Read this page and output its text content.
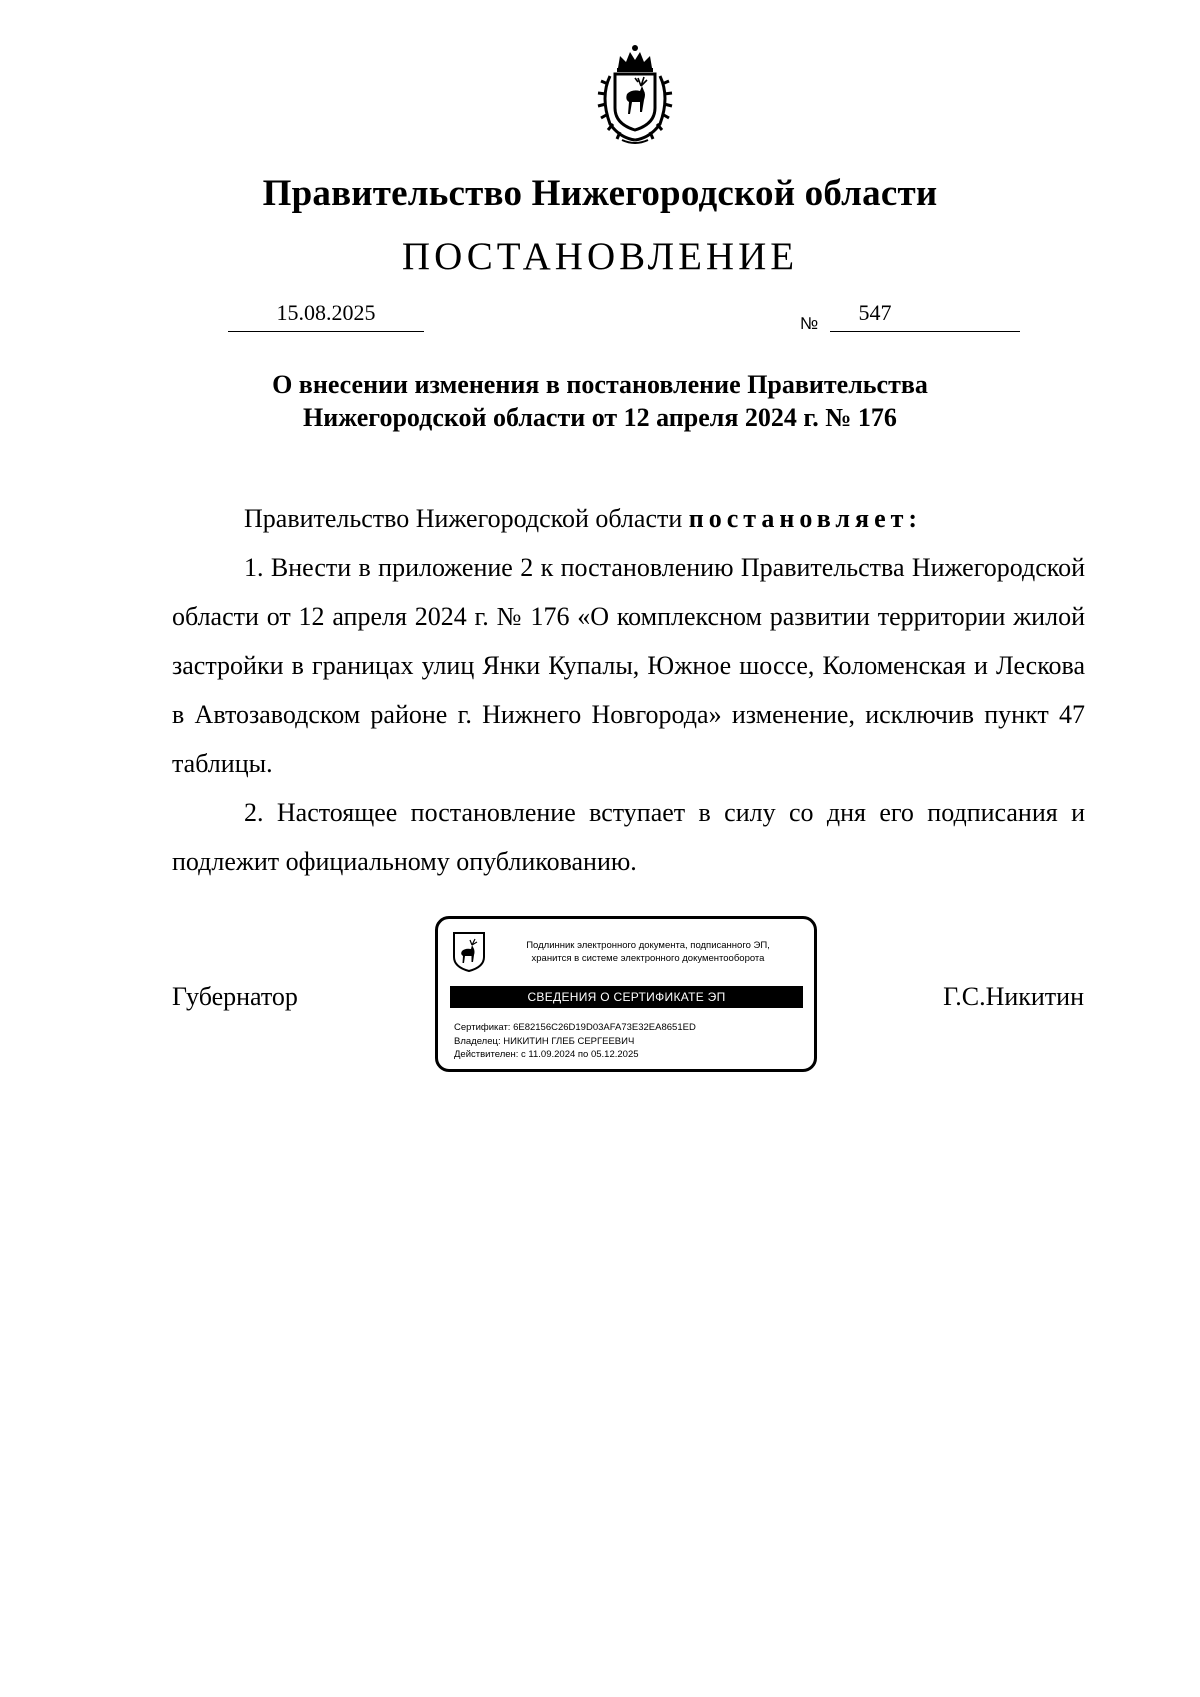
Правительство Нижегородской области
ПОСТАНОВЛЕНИЕ
15.08.2025	№	547
О внесении изменения в постановление Правительства
Нижегородской области от 12 апреля 2024 г. № 176

Правительство Нижегородской области постановляет:

1. Внести в приложение 2 к постановлению Правительства Нижегородской области от 12 апреля 2024 г. № 176 «О комплексном развитии территории жилой застройки в границах улиц Янки Купалы, Южное шоссе, Коломенская и Лескова в Автозаводском районе г. Нижнего Новгорода» изменение, исключив пункт 47 таблицы.

2. Настоящее постановление вступает в силу со дня его подписания и подлежит официальному опубликованию.

Губернатор	Г.С.Никитин
Подлинник электронного документа, подписанного ЭП,
хранится в системе электронного документооборота
СВЕДЕНИЯ О СЕРТИФИКАТЕ ЭП
Сертификат: 6E82156C26D19D03AFA73E32EA8651ED
Владелец: НИКИТИН ГЛЕБ СЕРГЕЕВИЧ
Действителен: с 11.09.2024 по 05.12.2025
